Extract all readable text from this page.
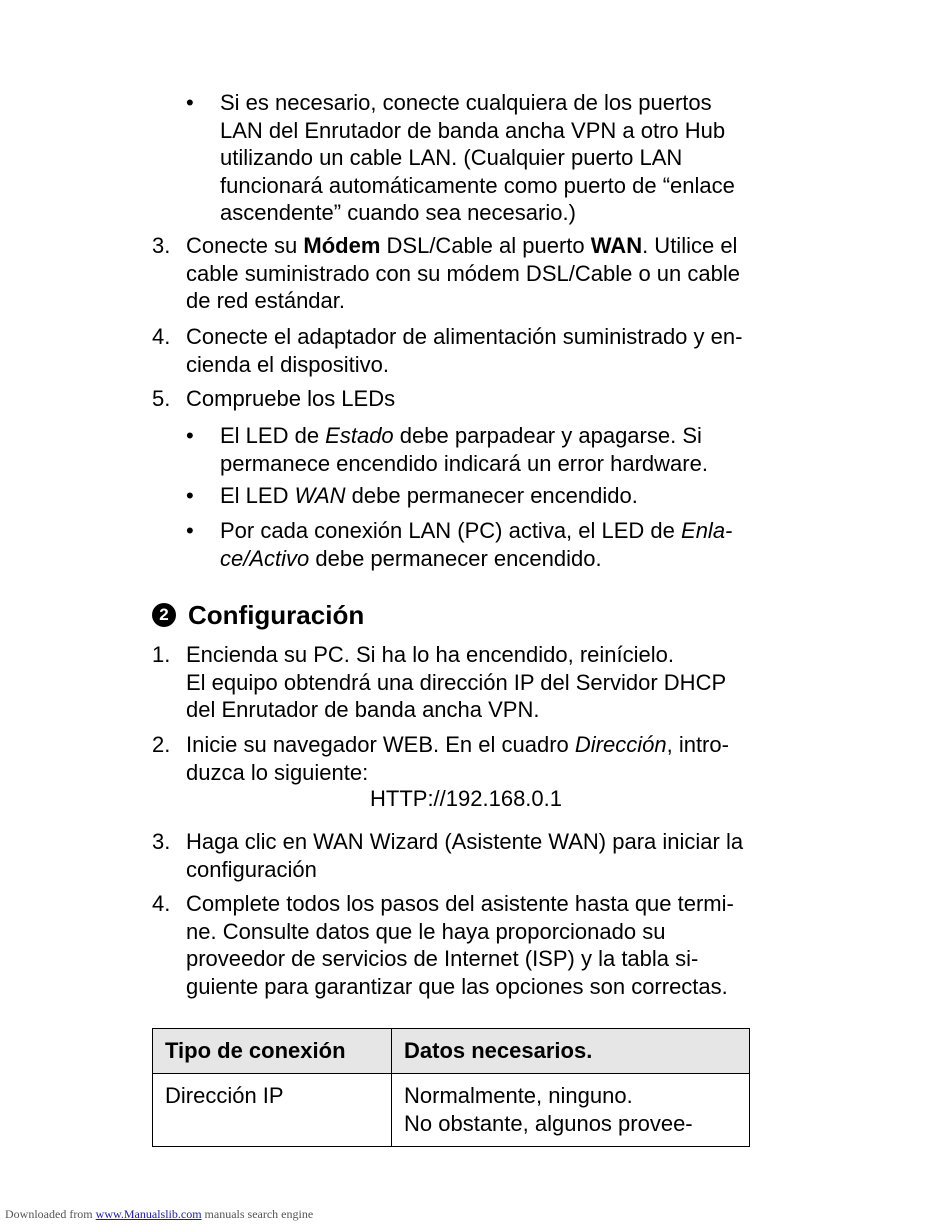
• Si es necesario, conecte cualquiera de los puertos
LAN del Enrutador de banda ancha VPN a otro Hub
utilizando un cable LAN. (Cualquier puerto LAN
funcionará automáticamente como puerto de “enlace
ascendente” cuando sea necesario.)
3. Conecte su Módem DSL/Cable al puerto WAN. Utilice el
cable suministrado con su módem DSL/Cable o un cable
de red estándar.
4. Conecte el adaptador de alimentación suministrado y en-
cienda el dispositivo.
5. Compruebe los LEDs
• El LED de Estado debe parpadear y apagarse. Si
permanece encendido indicará un error hardware.
• El LED WAN debe permanecer encendido.
• Por cada conexión LAN (PC) activa, el LED de Enla-
ce/Activo debe permanecer encendido.
2 Configuración
1. Encienda su PC. Si ha lo ha encendido, reinícielo.
El equipo obtendrá una dirección IP del Servidor DHCP
del Enrutador de banda ancha VPN.
2. Inicie su navegador WEB. En el cuadro Dirección, intro-
duzca lo siguiente:
HTTP://192.168.0.1
3. Haga clic en WAN Wizard (Asistente WAN) para iniciar la
configuración
4. Complete todos los pasos del asistente hasta que termi-
ne. Consulte datos que le haya proporcionado su
proveedor de servicios de Internet (ISP) y la tabla si-
guiente para garantizar que las opciones son correctas.
Tipo de conexión	Datos necesarios.
Dirección IP	Normalmente, ninguno.
No obstante, algunos provee-
Downloaded from www.Manualslib.com manuals search engine
